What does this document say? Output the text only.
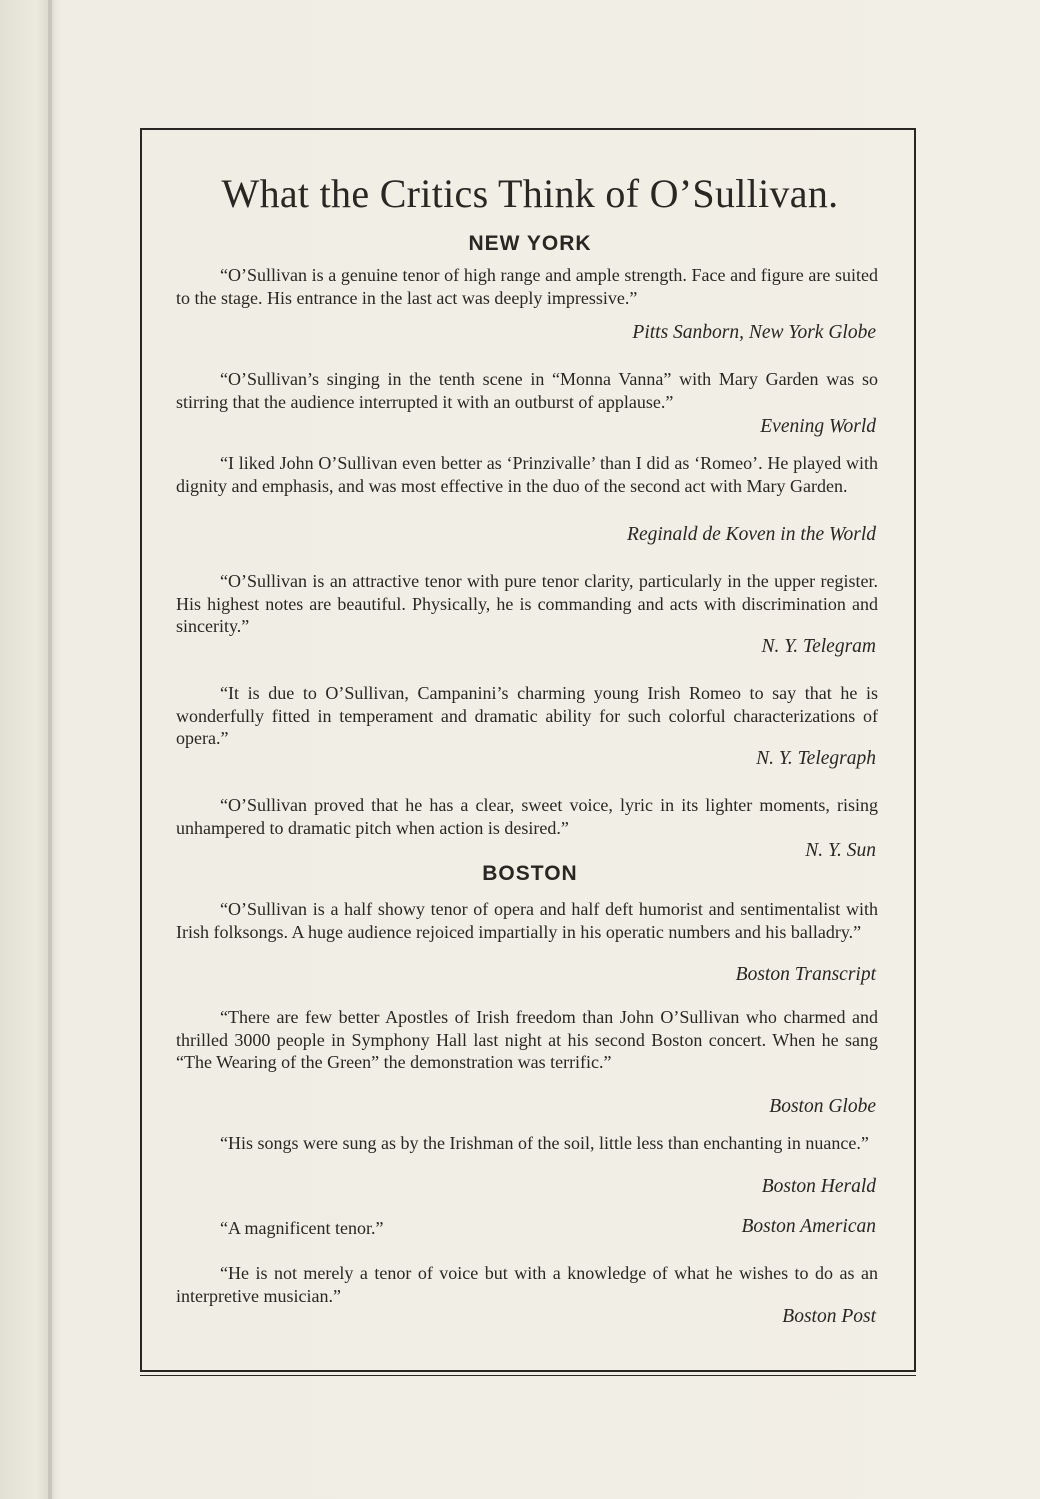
What the Critics Think of O’Sullivan.
NEW YORK
“O’Sullivan is a genuine tenor of high range and ample strength. Face and figure are suited to the stage. His entrance in the last act was deeply impressive.”
Pitts Sanborn, New York Globe
“O’Sullivan’s singing in the tenth scene in “Monna Vanna” with Mary Garden was so stirring that the audience interrupted it with an outburst of applause.”
Evening World
“I liked John O’Sullivan even better as ‘Prinzivalle’ than I did as ‘Romeo’. He played with dignity and emphasis, and was most effective in the duo of the second act with Mary Garden.
Reginald de Koven in the World
“O’Sullivan is an attractive tenor with pure tenor clarity, particularly in the upper register. His highest notes are beautiful. Physically, he is commanding and acts with discrimination and sincerity.”
N. Y. Telegram
“It is due to O’Sullivan, Campanini’s charming young Irish Romeo to say that he is wonderfully fitted in temperament and dramatic ability for such colorful characterizations of opera.”
N. Y. Telegraph
“O’Sullivan proved that he has a clear, sweet voice, lyric in its lighter moments, rising unhampered to dramatic pitch when action is desired.”
N. Y. Sun
BOSTON
“O’Sullivan is a half showy tenor of opera and half deft humorist and sentimentalist with Irish folksongs. A huge audience rejoiced impartially in his operatic numbers and his balladry.”
Boston Transcript
“There are few better Apostles of Irish freedom than John O’Sullivan who charmed and thrilled 3000 people in Symphony Hall last night at his second Boston concert. When he sang “The Wearing of the Green” the demonstration was terrific.”
Boston Globe
“His songs were sung as by the Irishman of the soil, little less than enchanting in nuance.”
Boston Herald
“A magnificent tenor.”	Boston American
“He is not merely a tenor of voice but with a knowledge of what he wishes to do as an interpretive musician.”
Boston Post
